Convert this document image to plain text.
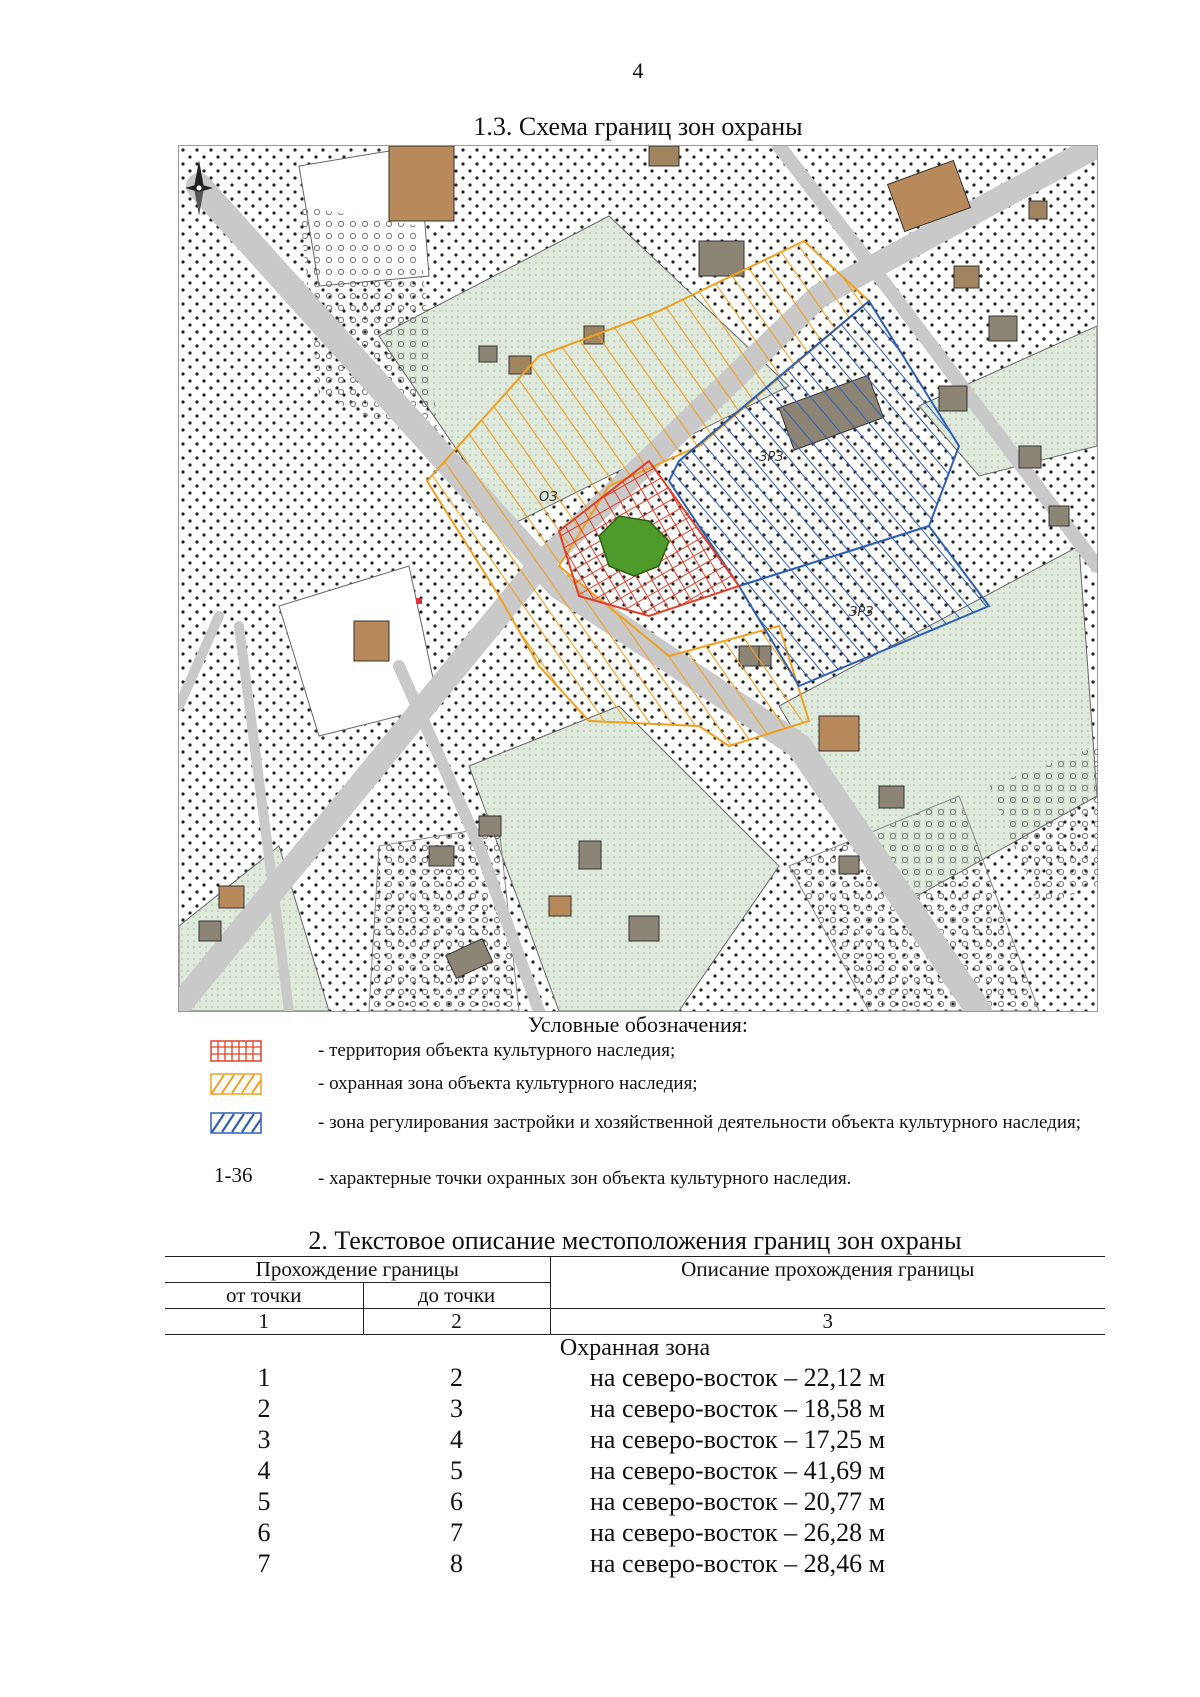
4
1.3. Схема границ зон охраны
ОЗ
ЗРЗ
ЗРЗ
Условные обозначения:
- территория объекта культурного наследия;
- охранная зона объекта культурного наследия;
- зона регулирования застройки и хозяйственной деятельности объекта культурного наследия;
1-36	- характерные точки охранных зон объекта культурного наследия.
2. Текстовое описание местоположения границ зон охраны
Прохождение границы		Описание прохождения границы
от точки	до точки	
1	2	3
Охранная зона		
1	2	на северо-восток – 22,12 м
2	3	на северо-восток – 18,58 м
3	4	на северо-восток – 17,25 м
4	5	на северо-восток – 41,69 м
5	6	на северо-восток – 20,77 м
6	7	на северо-восток – 26,28 м
7	8	на северо-восток – 28,46 м
